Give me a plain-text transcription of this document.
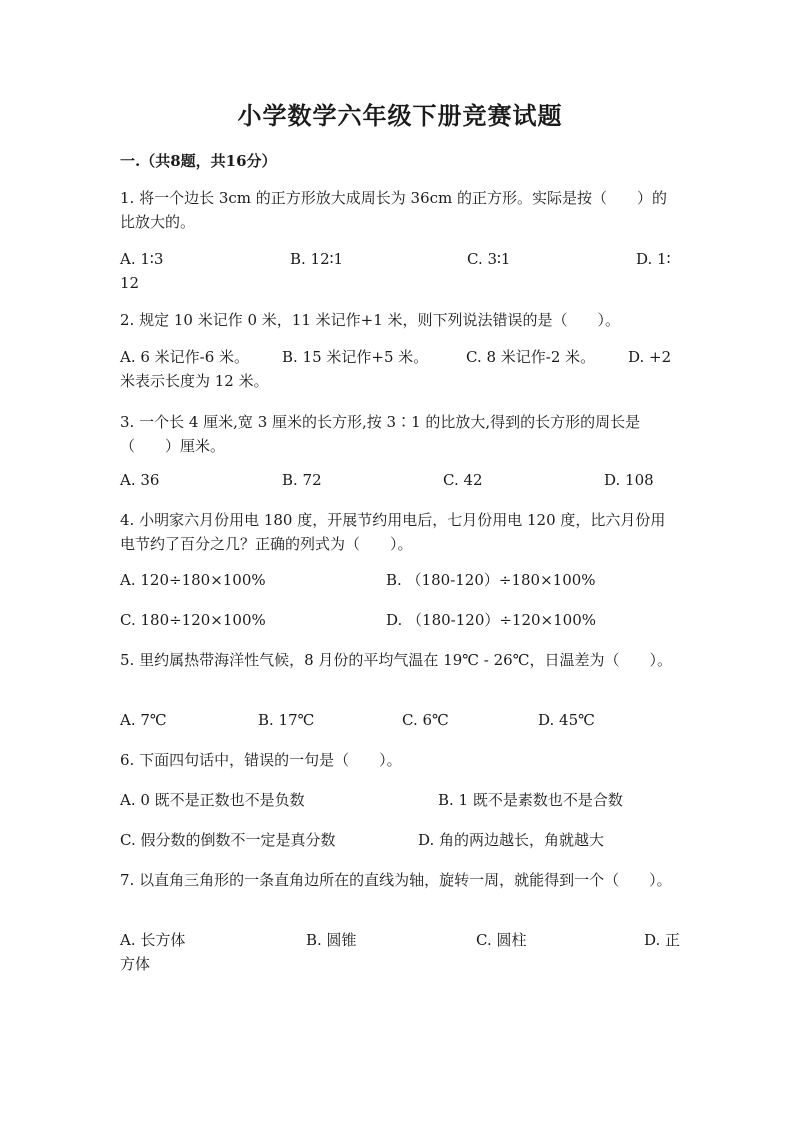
小学数学六年级下册竞赛试题
一.（共8题，共16分）
1. 将一个边长 3cm 的正方形放大成周长为 36cm 的正方形。实际是按（　　）的比放大的。
A. 1∶3	B. 12∶1	C. 3∶1	D. 1∶
12
2. 规定 10 米记作 0 米，11 米记作+1 米，则下列说法错误的是（　　）。
A. 6 米记作-6 米。 B. 15 米记作+5 米。	C. 8 米记作-2 米。 D. +2
米表示长度为 12 米。
3. 一个长 4 厘米,宽 3 厘米的长方形,按 3∶1 的比放大,得到的长方形的周长是（　　）厘米。
A. 36	B. 72	C. 42	D. 108
4. 小明家六月份用电 180 度，开展节约用电后，七月份用电 120 度，比六月份用电节约了百分之几？正确的列式为（　　）。
A. 120÷180×100%	B. （180-120）÷180×100%
C. 180÷120×100%	D. （180-120）÷120×100%
5. 里约属热带海洋性气候，8 月份的平均气温在 19℃ - 26℃，日温差为（　　）。
A. 7℃	B. 17℃	C. 6℃	D. 45℃
6. 下面四句话中，错误的一句是（　　）。
A. 0 既不是正数也不是负数	B. 1 既不是素数也不是合数
C. 假分数的倒数不一定是真分数	D. 角的两边越长，角就越大
7. 以直角三角形的一条直角边所在的直线为轴，旋转一周，就能得到一个（　　）。
A. 长方体	B. 圆锥	C. 圆柱	D. 正
方体
